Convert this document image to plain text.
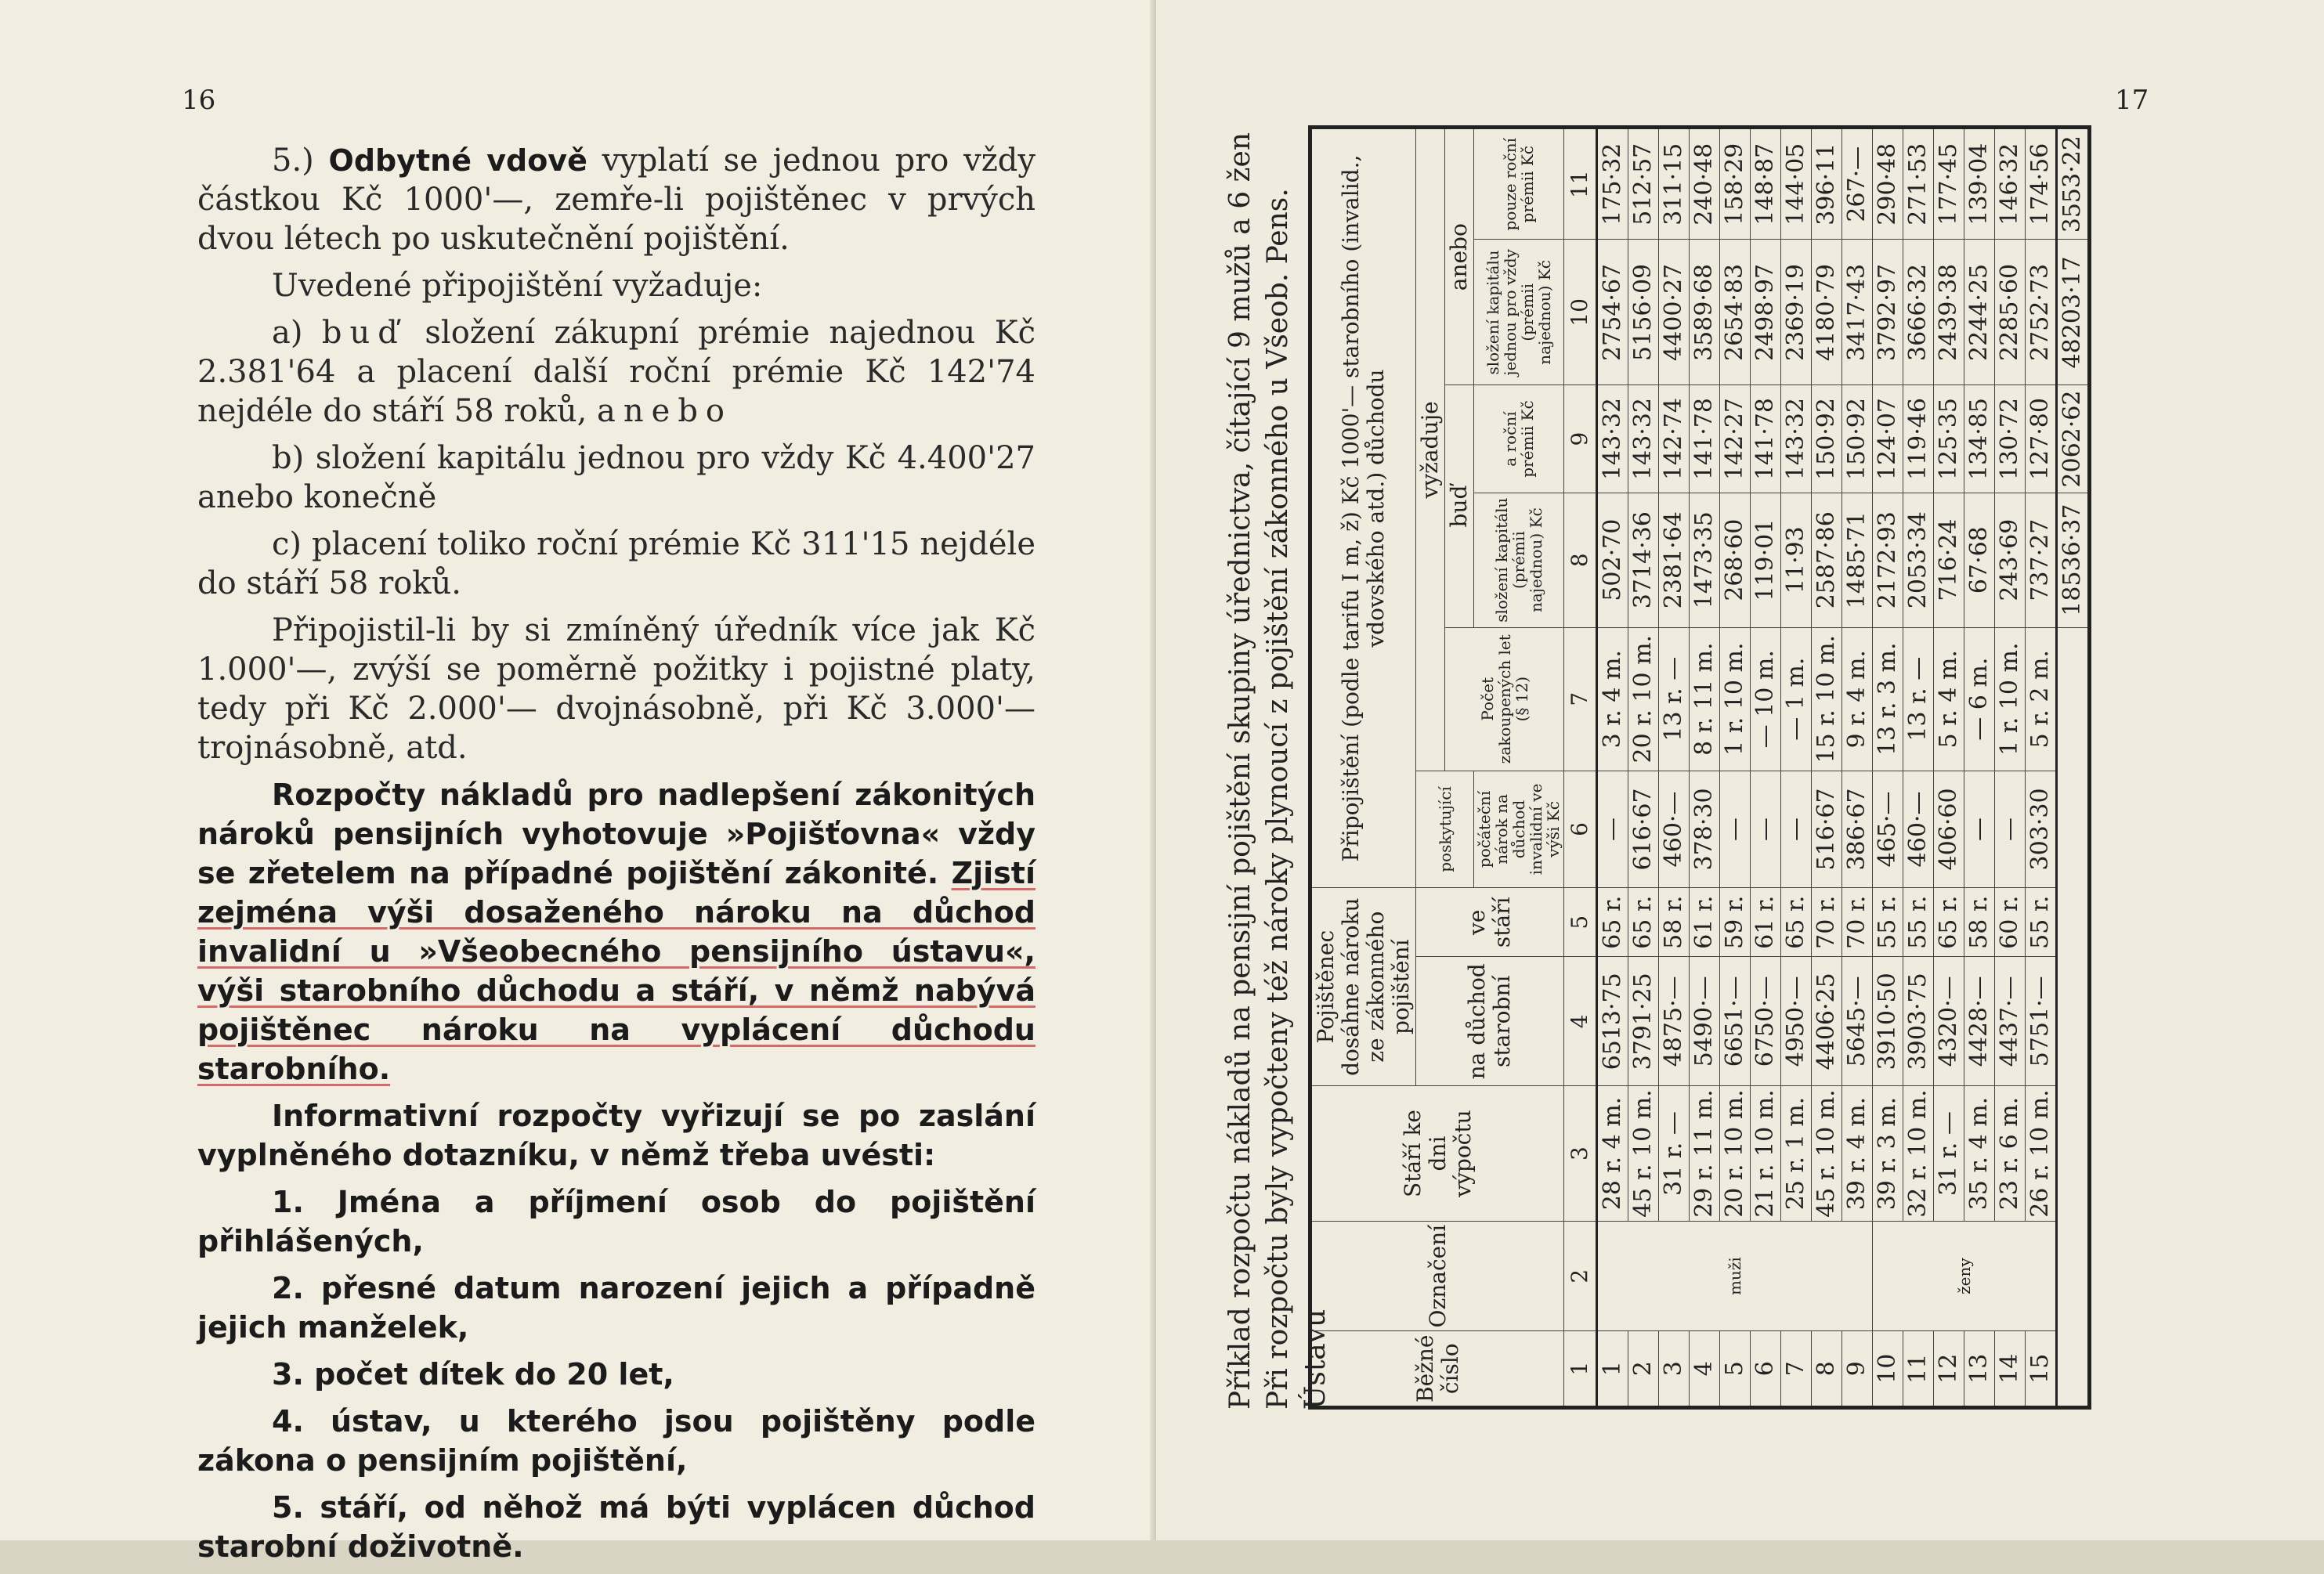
16

5.) Odbytné vdově vyplatí se jednou pro vždy částkou Kč 1000'—, zemře-li pojištěnec v prvých dvou létech po uskutečnění pojištění.

Uvedené připojištění vyžaduje:

a) buď složení zákupní prémie najednou Kč 2.381'64 a placení další roční prémie Kč 142'74 nejdéle do stáří 58 roků, anebo

b) složení kapitálu jednou pro vždy Kč 4.400'27 anebo konečně

c) placení toliko roční prémie Kč 311'15 nejdéle do stáří 58 roků.

Připojistil-li by si zmíněný úředník více jak Kč 1.000'—, zvýší se poměrně požitky i pojistné platy, tedy při Kč 2.000'— dvojnásobně, při Kč 3.000'— trojnásobně, atd.

Rozpočty nákladů pro nadlepšení zákonitých nároků pensijních vyhotovuje »Pojišťovna« vždy se zřetelem na případné pojištění zákonité. Zjistí zejména výši dosaženého nároku na důchod invalidní u »Všeobecného pensijního ústavu«, výši starobního důchodu a stáří, v němž nabývá pojištěnec nároku na vyplácení důchodu starobního.

Informativní rozpočty vyřizují se po zaslání vyplněného dotazníku, v němž třeba uvésti:

1. Jména a příjmení osob do pojištění přihlášených,

2. přesné datum narození jejich a případně jejich manželek,

3. počet dítek do 20 let,

4. ústav, u kterého jsou pojištěny podle zákona o pensijním pojištění,

5. stáří, od něhož má býti vyplácen důchod starobní doživotně.

17
Příklad rozpočtu nákladů na pensijní pojištění skupiny úřednictva, čítající 9 mužů a 6 žen Při rozpočtu byly vypočteny též nároky plynoucí z pojištění zákonného u Všeob. Pens. Ústavu	Běžné číslo	Označení	Stáří ke dni výpočtu	Pojištěnec dosáhne nároku ze zákonného pojištění		Připojištění (podle tarifu I m, ž) Kč 1000'— starobního (invalid., vdovského atd.) důchodu					
			na důchod starobní	ve stáří	poskytující	vyžaduje				
						Počet zakoupených let (§ 12)	buď		anebo	
					počáteční nárok na důchod invalidní ve výši Kč		složení kapitálu (prémii najednou) Kč	a roční prémii Kč	složení kapitálu jednou pro vždy (prémii najednou) Kč	pouze roční prémii Kč
1	2	3	4	5	6	7	8	9	10	11
1	muži	28 r. 4 m.	6513·75	65 r.	—	3 r. 4 m.	502·70	143·32	2754·67	175·32
2		45 r. 10 m.	3791·25	65 r.	616·67	20 r. 10 m.	3714·36	143·32	5156·09	512·57
3		31 r. —	4875·—	58 r.	460·—	13 r. —	2381·64	142·74	4400·27	311·15
4		29 r. 11 m.	5490·—	61 r.	378·30	8 r. 11 m.	1473·35	141·78	3589·68	240·48
5		20 r. 10 m.	6651·—	59 r.	—	1 r. 10 m.	268·60	142·27	2654·83	158·29
6		21 r. 10 m.	6750·—	61 r.	—	— 10 m.	119·01	141·78	2498·97	148·87
7		25 r. 1 m.	4950·—	65 r.	—	— 1 m.	11·93	143·32	2369·19	144·05
8		45 r. 10 m.	4406·25	70 r.	516·67	15 r. 10 m.	2587·86	150·92	4180·79	396·11
9		39 r. 4 m.	5645·—	70 r.	386·67	9 r. 4 m.	1485·71	150·92	3417·43	267·—
10	ženy	39 r. 3 m.	3910·50	55 r.	465·—	13 r. 3 m.	2172·93	124·07	3792·97	290·48
11		32 r. 10 m.	3903·75	55 r.	460·—	13 r. —	2053·34	119·46	3666·32	271·53
12		31 r. —	4320·—	65 r.	406·60	5 r. 4 m.	716·24	125·35	2439·38	177·45
13		35 r. 4 m.	4428·—	58 r.	—	— 6 m.	67·68	134·85	2244·25	139·04
14		23 r. 6 m.	4437·—	60 r.	—	1 r. 10 m.	243·69	130·72	2285·60	146·32
15		26 r. 10 m.	5751·—	55 r.	303·30	5 r. 2 m.	737·27	127·80	2752·73	174·56
							18536·37	2062·62	48203·17	3553·22
